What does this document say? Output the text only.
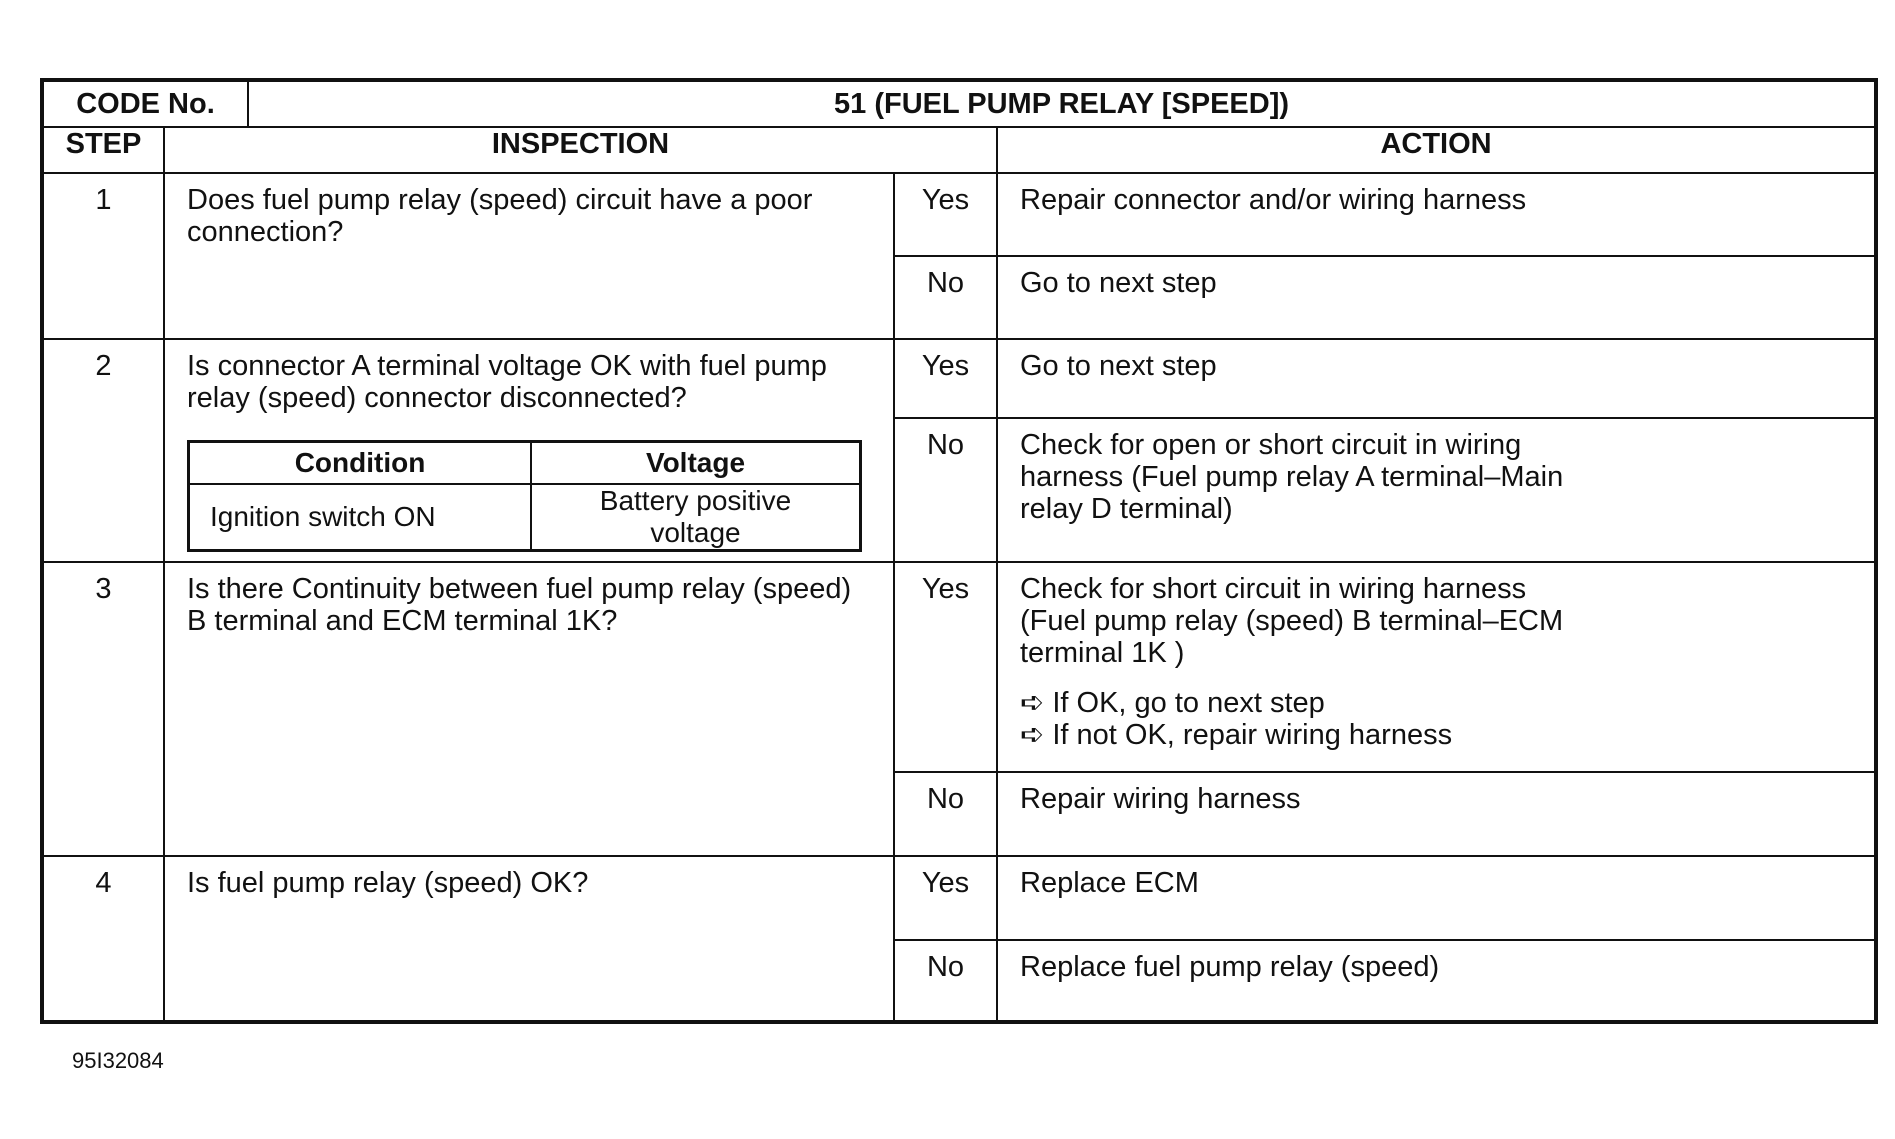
CODE No.	51 (FUEL PUMP RELAY [SPEED])

STEP	INSPECTION	ACTION
1	Does fuel pump relay (speed) circuit have a poor connection?	Yes	Repair connector and/or wiring harness
No	Go to next step
2	Is connector A terminal voltage OK with fuel pump relay (speed) connector disconnected?
Condition	Voltage
Ignition switch ON	Battery positive voltage
	Yes	Go to next step
No	Check for open or short circuit in wiring harness (Fuel pump relay A terminal–Main relay D terminal)

3	Is there Continuity between fuel pump relay (speed) B terminal and ECM terminal 1K?	Yes	Check for short circuit in wiring harness (Fuel pump relay (speed) B terminal–ECM terminal 1K )
➪ If OK, go to next step
➪ If not OK, repair wiring harness

No	Repair wiring harness
4	Is fuel pump relay (speed) OK?	Yes	Replace ECM
No	Replace fuel pump relay (speed)
95I32084
